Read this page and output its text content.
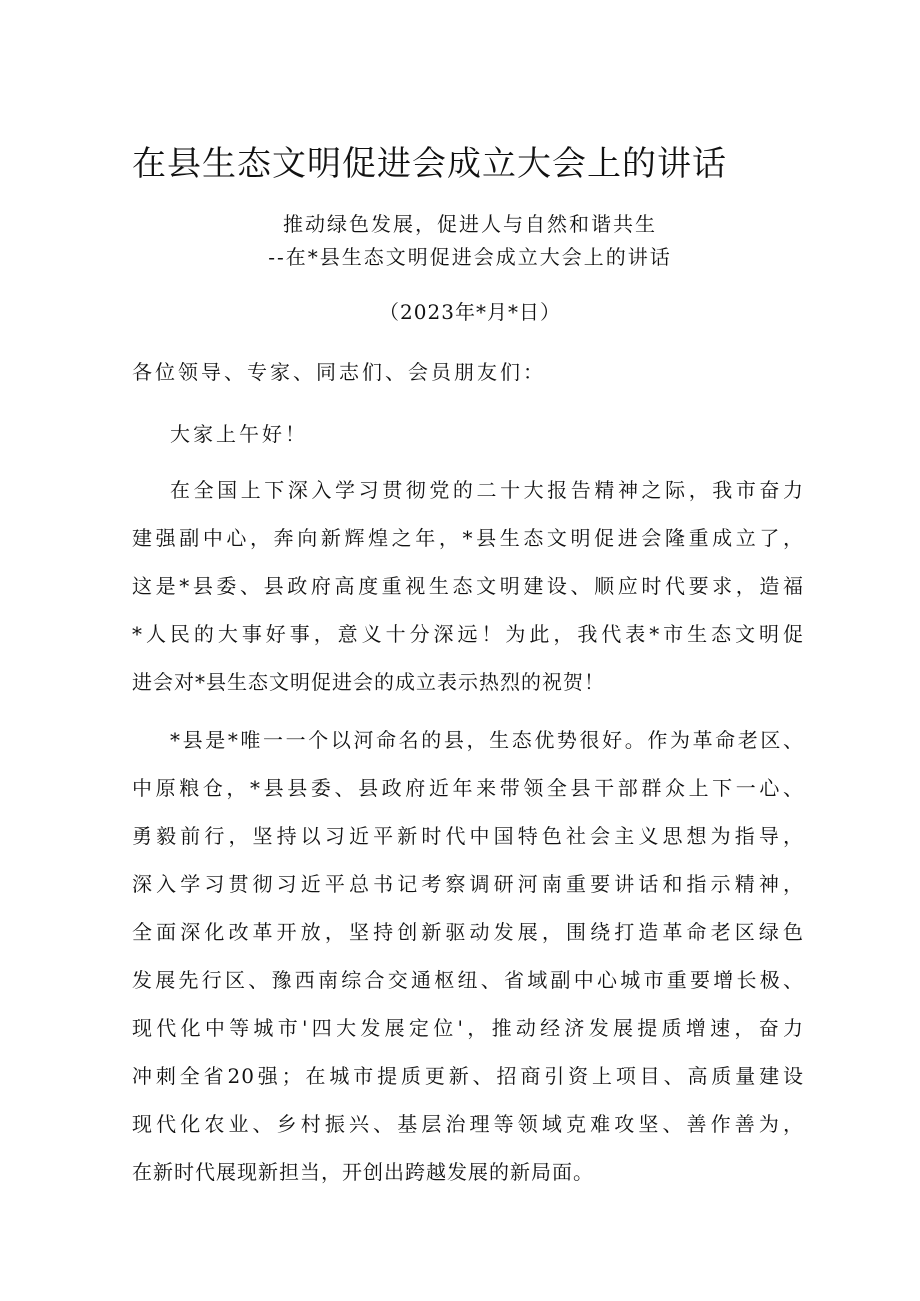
在县生态文明促进会成立大会上的讲话
推动绿色发展，促进人与自然和谐共生
--在*县生态文明促进会成立大会上的讲话
（2023年*月*日）
各位领导、专家、同志们、会员朋友们：
大家上午好！
在全国上下深入学习贯彻党的二十大报告精神之际，我市奋力
建强副中心，奔向新辉煌之年，*县生态文明促进会隆重成立了，
这是*县委、县政府高度重视生态文明建设、顺应时代要求，造福
*人民的大事好事，意义十分深远！为此，我代表*市生态文明促
进会对*县生态文明促进会的成立表示热烈的祝贺！
*县是*唯一一个以河命名的县，生态优势很好。作为革命老区、
中原粮仓，*县县委、县政府近年来带领全县干部群众上下一心、
勇毅前行，坚持以习近平新时代中国特色社会主义思想为指导，
深入学习贯彻习近平总书记考察调研河南重要讲话和指示精神，
全面深化改革开放，坚持创新驱动发展，围绕打造革命老区绿色
发展先行区、豫西南综合交通枢纽、省域副中心城市重要增长极、
现代化中等城市'四大发展定位'，推动经济发展提质增速，奋力
冲刺全省20强；在城市提质更新、招商引资上项目、高质量建设
现代化农业、乡村振兴、基层治理等领域克难攻坚、善作善为，
在新时代展现新担当，开创出跨越发展的新局面。
